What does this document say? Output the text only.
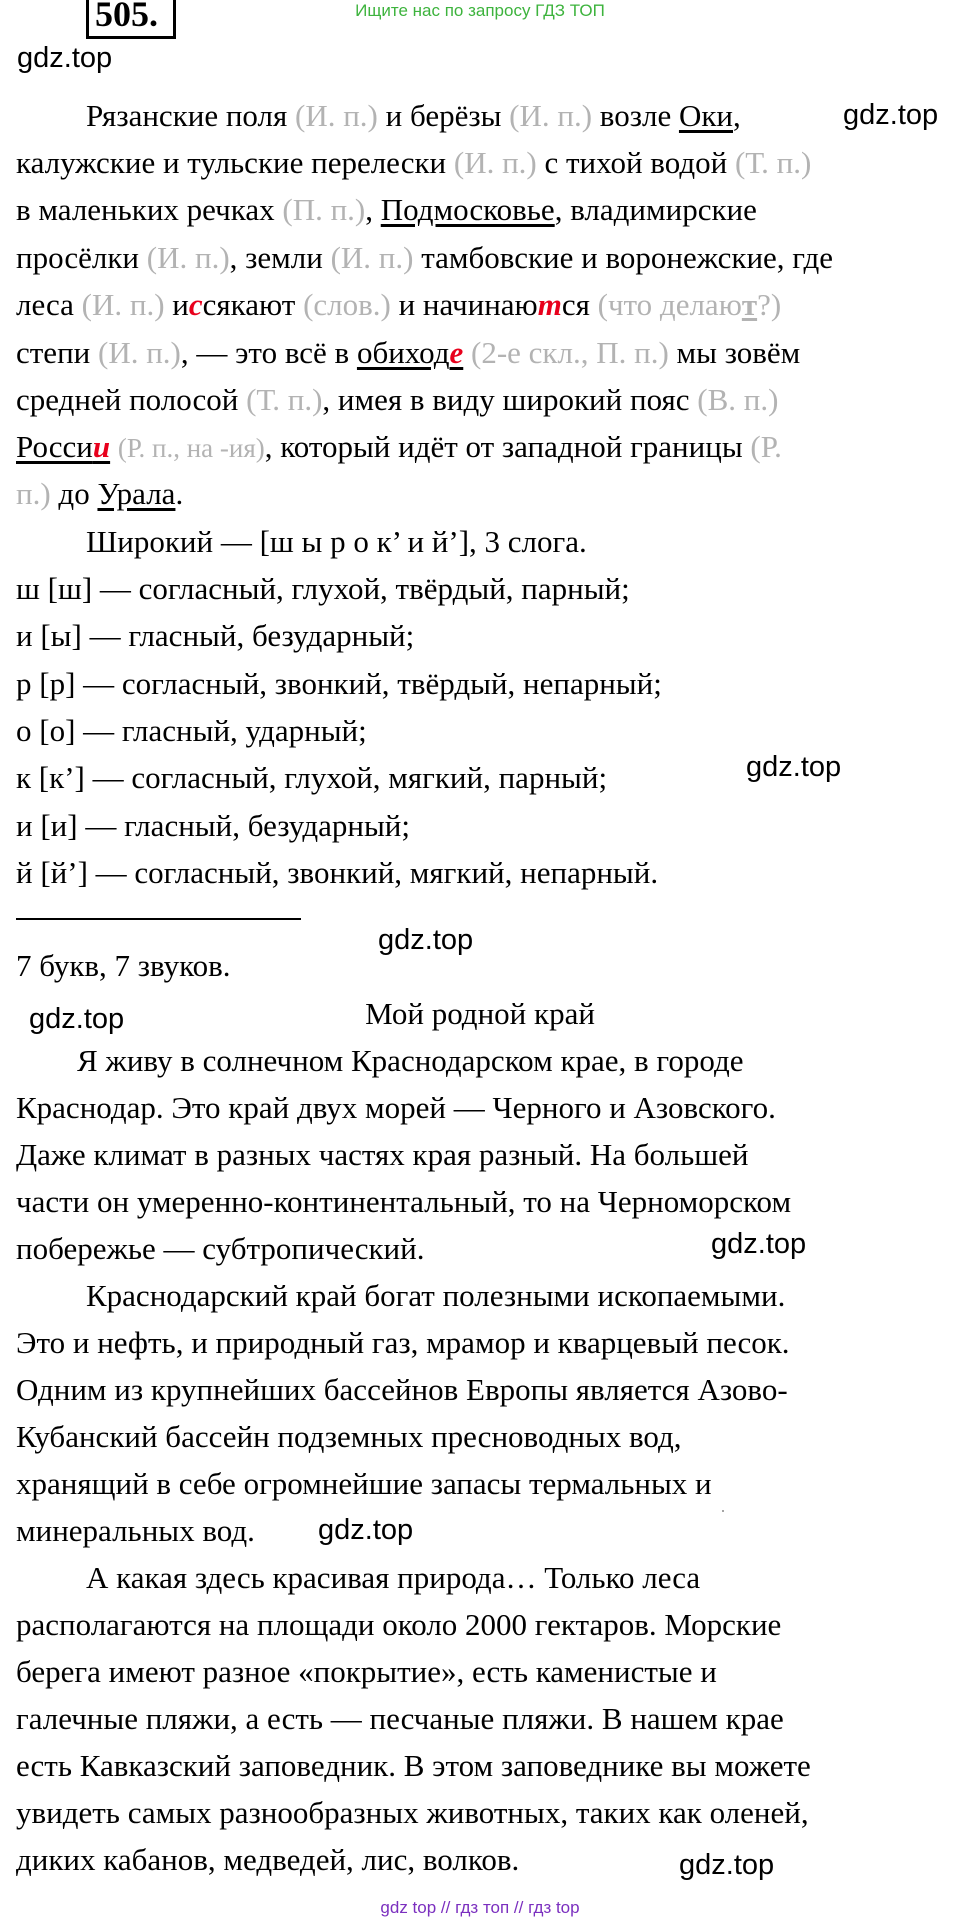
Ищите нас по запросу ГДЗ ТОП
505.
gdz.top
gdz.top
gdz.top
gdz.top
gdz.top
gdz.top
gdz.top
gdz.top
Рязанские поля (И. п.) и берёзы (И. п.) возле Оки,
калужские и тульские перелески (И. п.) с тихой водой (Т. п.)
в маленьких речках (П. п.), Подмосковье, владимирские
просёлки (И. п.), земли (И. п.) тамбовские и воронежские, где
леса (И. п.) иссякают (слов.) и начинаются (что делают?)
степи (И. п.), — это всё в обиходе (2-е скл., П. п.) мы зовём
средней полосой (Т. п.), имея в виду широкий пояс (В. п.)
России (Р. п., на -ия), который идёт от западной границы (Р.
п.) до Урала.
Широкий — [ш ы р о к’ и й’], 3 слога.
ш [ш] — согласный, глухой, твёрдый, парный;
и [ы] — гласный, безударный;
р [р] — согласный, звонкий, твёрдый, непарный;
о [о] — гласный, ударный;
к [к’] — согласный, глухой, мягкий, парный;
и [и] — гласный, безударный;
й [й’] — согласный, звонкий, мягкий, непарный.
7 букв, 7 звуков.
Мой родной край
Я живу в солнечном Краснодарском крае, в городе
Краснодар. Это край двух морей — Черного и Азовского.
Даже климат в разных частях края разный. На большей
части он умеренно-континентальный, то на Черноморском
побережье — субтропический.
Краснодарский край богат полезными ископаемыми.
Это и нефть, и природный газ, мрамор и кварцевый песок.
Одним из крупнейших бассейнов Европы является Азово-
Кубанский бассейн подземных пресноводных вод,
хранящий в себе огромнейшие запасы термальных и
минеральных вод.
А какая здесь красивая природа… Только леса
располагаются на площади около 2000 гектаров. Морские
берега имеют разное «покрытие», есть каменистые и
галечные пляжи, а есть — песчаные пляжи. В нашем крае
есть Кавказский заповедник. В этом заповеднике вы можете
увидеть самых разнообразных животных, таких как оленей,
диких кабанов, медведей, лис, волков.
gdz top // гдз топ // гдз top
